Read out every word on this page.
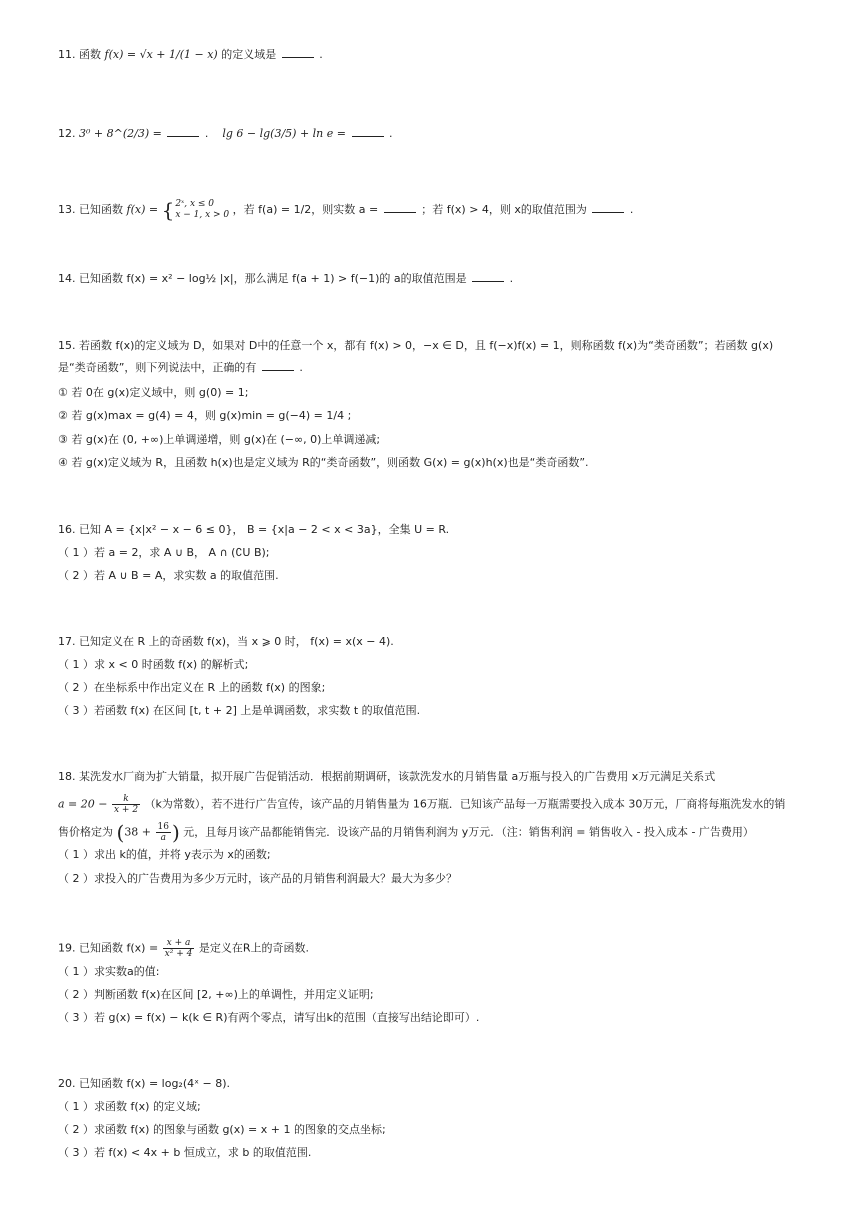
11. 函数 f(x) = √x + 1/(1 − x) 的定义域是	.
12. 3⁰ + 8^(2/3) =	. lg 6 − lg(3/5) + ln e =	.
13. 已知函数 f(x) = { 2ˣ, x ≤ 0
x − 1, x > 0 ，若 f(a) = 1/2，则实数 a =	；若 f(x) > 4，则 x的取值范围为	.
14. 已知函数 f(x) = x² − log½ |x|，那么满足 f(a + 1) > f(−1)的 a的取值范围是	.
15. 若函数 f(x)的定义域为 D，如果对 D中的任意一个 x，都有 f(x) > 0，−x ∈ D，且 f(−x)f(x) = 1，则称函数 f(x)为“类奇函数”；若函数 g(x)
是“类奇函数”，则下列说法中，正确的有	.
① 若 0在 g(x)定义域中，则 g(0) = 1;
② 若 g(x)max = g(4) = 4，则 g(x)min = g(−4) = 1/4 ;
③ 若 g(x)在 (0, +∞)上单调递增，则 g(x)在 (−∞, 0)上单调递减;
④ 若 g(x)定义域为 R，且函数 h(x)也是定义域为 R的“类奇函数”，则函数 G(x) = g(x)h(x)也是“类奇函数”.
16. 已知 A = {x|x² − x − 6 ≤ 0}， B = {x|a − 2 < x < 3a}，全集 U = R.
（ 1 ）若 a = 2，求 A ∪ B， A ∩ (∁U B);
（ 2 ）若 A ∪ B = A，求实数 a 的取值范围.
17. 已知定义在 R 上的奇函数 f(x)，当 x ⩾ 0 时， f(x) = x(x − 4).
（ 1 ）求 x < 0 时函数 f(x) 的解析式;
（ 2 ）在坐标系中作出定义在 R 上的函数 f(x) 的图象;
（ 3 ）若函数 f(x) 在区间 [t, t + 2] 上是单调函数，求实数 t 的取值范围.
18. 某洗发水厂商为扩大销量，拟开展广告促销活动．根据前期调研，该款洗发水的月销售量 a万瓶与投入的广告费用 x万元满足关系式
$a = 20 - \frac{k}{x + 2} (k$为常数），若不进行广告宣传，该产品的月销售量为 16万瓶．已知该产品每一万瓶需要投入成本 30万元，厂商将每瓶洗发水的销
售价格定为 ($38 + \frac{16}{a}$ ) 元，且每月该产品都能销售完．设该产品的月销售利润为 y万元．（注：销售利润 = 销售收入 - 投入成本 - 广告费用）
（ 1 ）求出 k的值，并将 y表示为 x的函数;
（ 2 ）求投入的广告费用为多少万元时，该产品的月销售利润最大？最大为多少？
19. 已知函数 $f(x) = \frac{x + a}{\text{x² + 4}}$ 是定义在R上的奇函数.
（ 1 ）求实数a的值:
（ 2 ）判断函数 f(x)在区间 [2, +∞)上的单调性，并用定义证明;
（ 3 ）若 g(x) = f(x) − k(k ∈ R)有两个零点，请写出k的范围（直接写出结论即可）.
20. 已知函数 f(x) = log₂(4ˣ − 8).
（ 1 ）求函数 f(x) 的定义域;
（ 2 ）求函数 f(x) 的图象与函数 g(x) = x + 1 的图象的交点坐标;
（ 3 ）若 f(x) < 4x + b 恒成立，求 b 的取值范围.
